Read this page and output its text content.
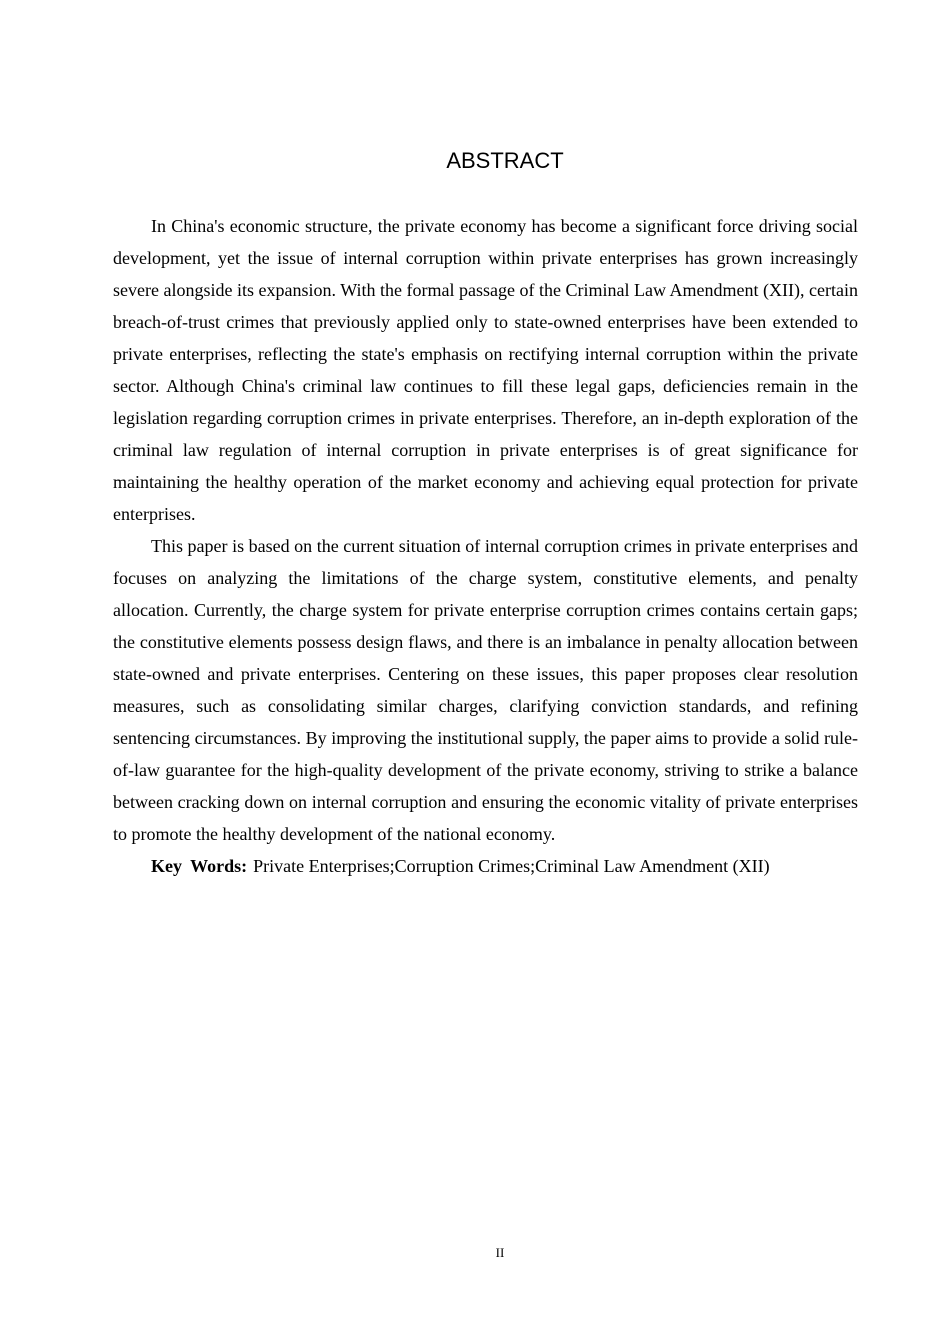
ABSTRACT

In China's economic structure, the private economy has become a significant force driving social development, yet the issue of internal corruption within private enterprises has grown increasingly severe alongside its expansion. With the formal passage of the Criminal Law Amendment (XII), certain breach-of-trust crimes that previously applied only to state-owned enterprises have been extended to private enterprises, reflecting the state's emphasis on rectifying internal corruption within the private sector. Although China's criminal law continues to fill these legal gaps, deficiencies remain in the legislation regarding corruption crimes in private enterprises. Therefore, an in-depth exploration of the criminal law regulation of internal corruption in private enterprises is of great significance for maintaining the healthy operation of the market economy and achieving equal protection for private enterprises.

This paper is based on the current situation of internal corruption crimes in private enterprises and focuses on analyzing the limitations of the charge system, constitutive elements, and penalty allocation. Currently, the charge system for private enterprise corruption crimes contains certain gaps; the constitutive elements possess design flaws, and there is an imbalance in penalty allocation between state-owned and private enterprises. Centering on these issues, this paper proposes clear resolution measures, such as consolidating similar charges, clarifying conviction standards, and refining sentencing circumstances. By improving the institutional supply, the paper aims to provide a solid rule-of-law guarantee for the high-quality development of the private economy, striving to strike a balance between cracking down on internal corruption and ensuring the economic vitality of private enterprises to promote the healthy development of the national economy.

Key Words: Private Enterprises;Corruption Crimes;Criminal Law Amendment (XII)

II
